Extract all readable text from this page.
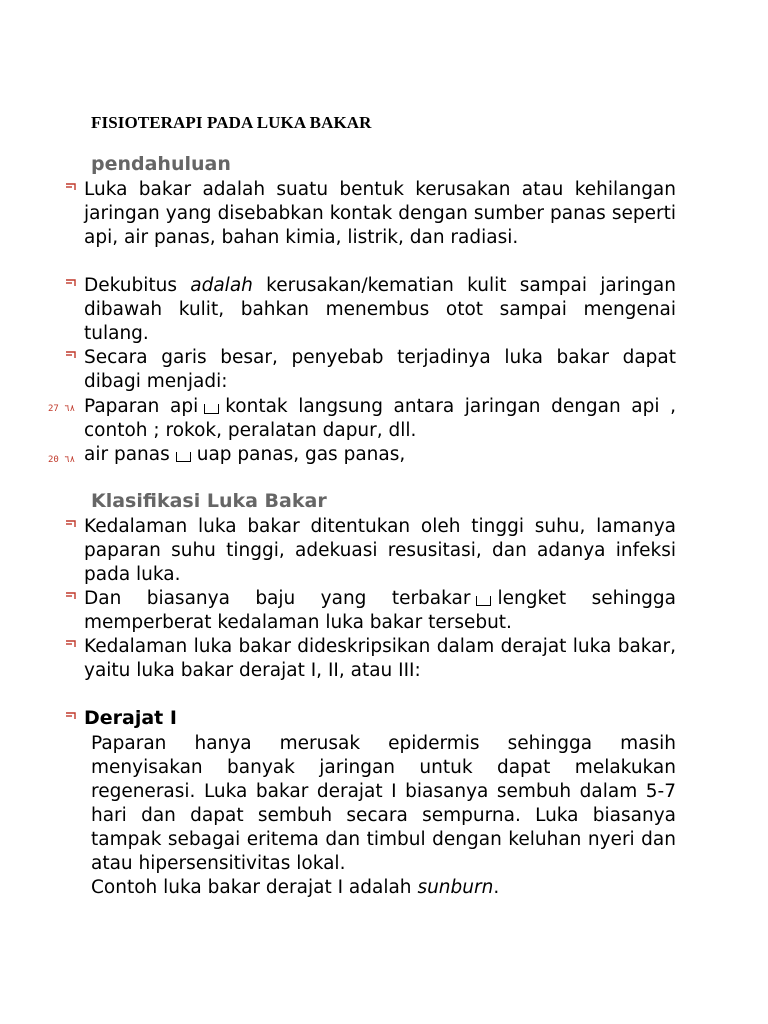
FISIOTERAPI PADA LUKA BAKAR
pendahuluan
Luka bakar adalah suatu bentuk kerusakan atau kehilangan jaringan yang disebabkan kontak dengan sumber panas seperti api, air panas, bahan kimia, listrik, dan radiasi.
Dekubitus adalah kerusakan/kematian kulit sampai jaringan dibawah kulit, bahkan menembus otot sampai mengenai tulang.
Secara garis besar, penyebab terjadinya luka bakar dapat dibagi menjadi:
27 ٦٨ Paparan api kontak langsung antara jaringan dengan api , contoh ; rokok, peralatan dapur, dll.
20 ٦٨ air panas uap panas, gas panas,
Klasifikasi Luka Bakar
Kedalaman luka bakar ditentukan oleh tinggi suhu, lamanya paparan suhu tinggi, adekuasi resusitasi, dan adanya infeksi pada luka.
Dan biasanya baju yang terbakar lengket sehingga memperberat kedalaman luka bakar tersebut.
Kedalaman luka bakar dideskripsikan dalam derajat luka bakar, yaitu luka bakar derajat I, II, atau III:
Derajat I
Paparan hanya merusak epidermis sehingga masih menyisakan banyak jaringan untuk dapat melakukan regenerasi. Luka bakar derajat I biasanya sembuh dalam 5-7 hari dan dapat sembuh secara sempurna. Luka biasanya tampak sebagai eritema dan timbul dengan keluhan nyeri dan atau hipersensitivitas lokal.
Contoh luka bakar derajat I adalah sunburn.
